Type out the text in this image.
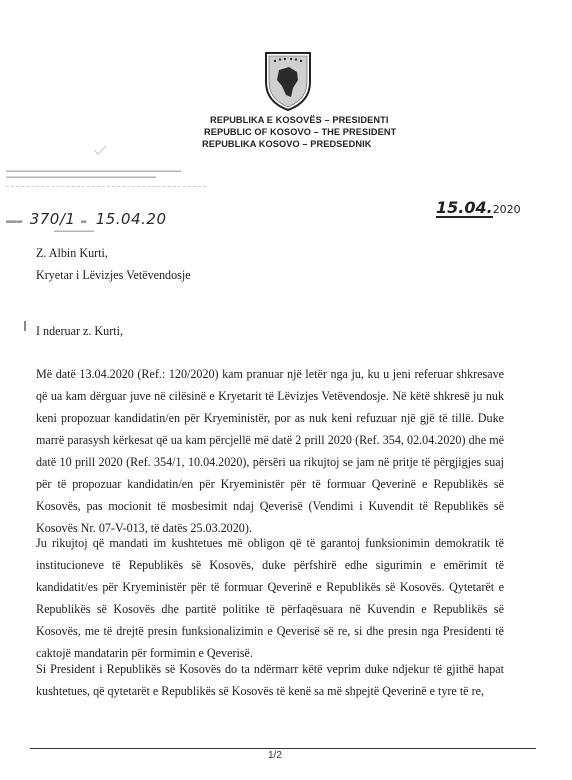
REPUBLIKA E KOSOVËS – PRESIDENTI
REPUBLIC OF KOSOVO – THE PRESIDENT
REPUBLIKA KOSOVO – PREDSEDNIK
▬▬▬▬▬▬▬▬▬▬▬▬▬▬▬▬▬▬▬▬▬▬▬▬▬▬▬▬▬▬▬▬▬▬▬
▬▬▬▬▬▬▬▬▬▬▬▬▬▬▬▬▬▬▬▬▬▬▬▬▬▬▬▬▬▬
▬▬▬ 370/1 ▬ 15.04.20
▬▬▬▬▬▬▬▬
15.04.2020
Z. Albin Kurti,
Kryetar i Lëvizjes Vetëvendosje
I nderuar z. Kurti,
Më datë 13.04.2020 (Ref.: 120/2020) kam pranuar një letër nga ju, ku u jeni referuar shkresave që ua kam dërguar juve në cilësinë e Kryetarit të Lëvizjes Vetëvendosje. Në këtë shkresë ju nuk keni propozuar kandidatin/en për Kryeministër, por as nuk keni refuzuar një gjë të tillë. Duke marrë parasysh kërkesat që ua kam përcjellë më datë 2 prill 2020 (Ref. 354, 02.04.2020) dhe më datë 10 prill 2020 (Ref. 354/1, 10.04.2020), përsëri ua rikujtoj se jam në pritje të përgjigjes suaj për të propozuar kandidatin/en për Kryeministër për të formuar Qeverinë e Republikës së Kosovës, pas mocionit të mosbesimit ndaj Qeverisë (Vendimi i Kuvendit të Republikës së Kosovës Nr. 07-V-013, të datës 25.03.2020).
Ju rikujtoj që mandati im kushtetues më obligon që të garantoj funksionimin demokratik të institucioneve të Republikës së Kosovës, duke përfshirë edhe sigurimin e emërimit të kandidatit/es për Kryeministër për të formuar Qeverinë e Republikës së Kosovës. Qytetarët e Republikës së Kosovës dhe partitë politike të përfaqësuara në Kuvendin e Republikës së Kosovës, me të drejtë presin funksionalizimin e Qeverisë së re, si dhe presin nga Presidenti të caktojë mandatarin për formimin e Qeverisë.
Si President i Republikës së Kosovës do ta ndërmarr këtë veprim duke ndjekur të gjithë hapat kushtetues, që qytetarët e Republikës së Kosovës të kenë sa më shpejtë Qeverinë e tyre të re,
1/2
